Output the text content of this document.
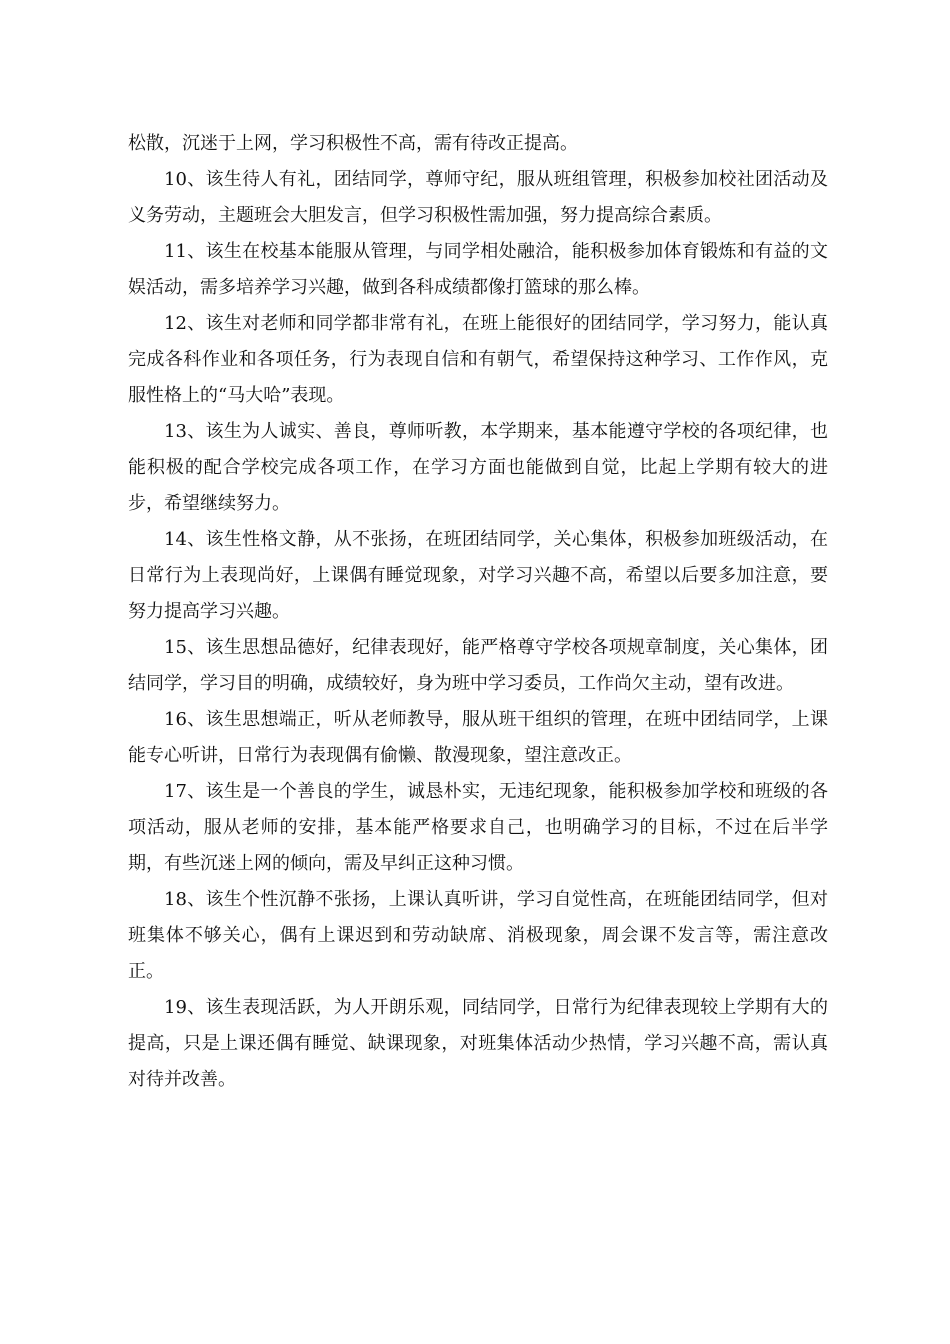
松散，沉迷于上网，学习积极性不高，需有待改正提高。

10、该生待人有礼，团结同学，尊师守纪，服从班组管理，积极参加校社团活动及义务劳动，主题班会大胆发言，但学习积极性需加强，努力提高综合素质。

11、该生在校基本能服从管理，与同学相处融洽，能积极参加体育锻炼和有益的文娱活动，需多培养学习兴趣，做到各科成绩都像打篮球的那么棒。

12、该生对老师和同学都非常有礼，在班上能很好的团结同学，学习努力，能认真完成各科作业和各项任务，行为表现自信和有朝气，希望保持这种学习、工作作风，克服性格上的“马大哈”表现。

13、该生为人诚实、善良，尊师听教，本学期来，基本能遵守学校的各项纪律，也能积极的配合学校完成各项工作，在学习方面也能做到自觉，比起上学期有较大的进步，希望继续努力。

14、该生性格文静，从不张扬，在班团结同学，关心集体，积极参加班级活动，在日常行为上表现尚好，上课偶有睡觉现象，对学习兴趣不高，希望以后要多加注意，要努力提高学习兴趣。

15、该生思想品德好，纪律表现好，能严格尊守学校各项规章制度，关心集体，团结同学，学习目的明确，成绩较好，身为班中学习委员，工作尚欠主动，望有改进。

16、该生思想端正，听从老师教导，服从班干组织的管理，在班中团结同学，上课能专心听讲，日常行为表现偶有偷懒、散漫现象，望注意改正。

17、该生是一个善良的学生，诚恳朴实，无违纪现象，能积极参加学校和班级的各项活动，服从老师的安排，基本能严格要求自己，也明确学习的目标，不过在后半学期，有些沉迷上网的倾向，需及早纠正这种习惯。

18、该生个性沉静不张扬，上课认真听讲，学习自觉性高，在班能团结同学，但对班集体不够关心，偶有上课迟到和劳动缺席、消极现象，周会课不发言等，需注意改正。

19、该生表现活跃，为人开朗乐观，同结同学，日常行为纪律表现较上学期有大的提高，只是上课还偶有睡觉、缺课现象，对班集体活动少热情，学习兴趣不高，需认真对待并改善。
